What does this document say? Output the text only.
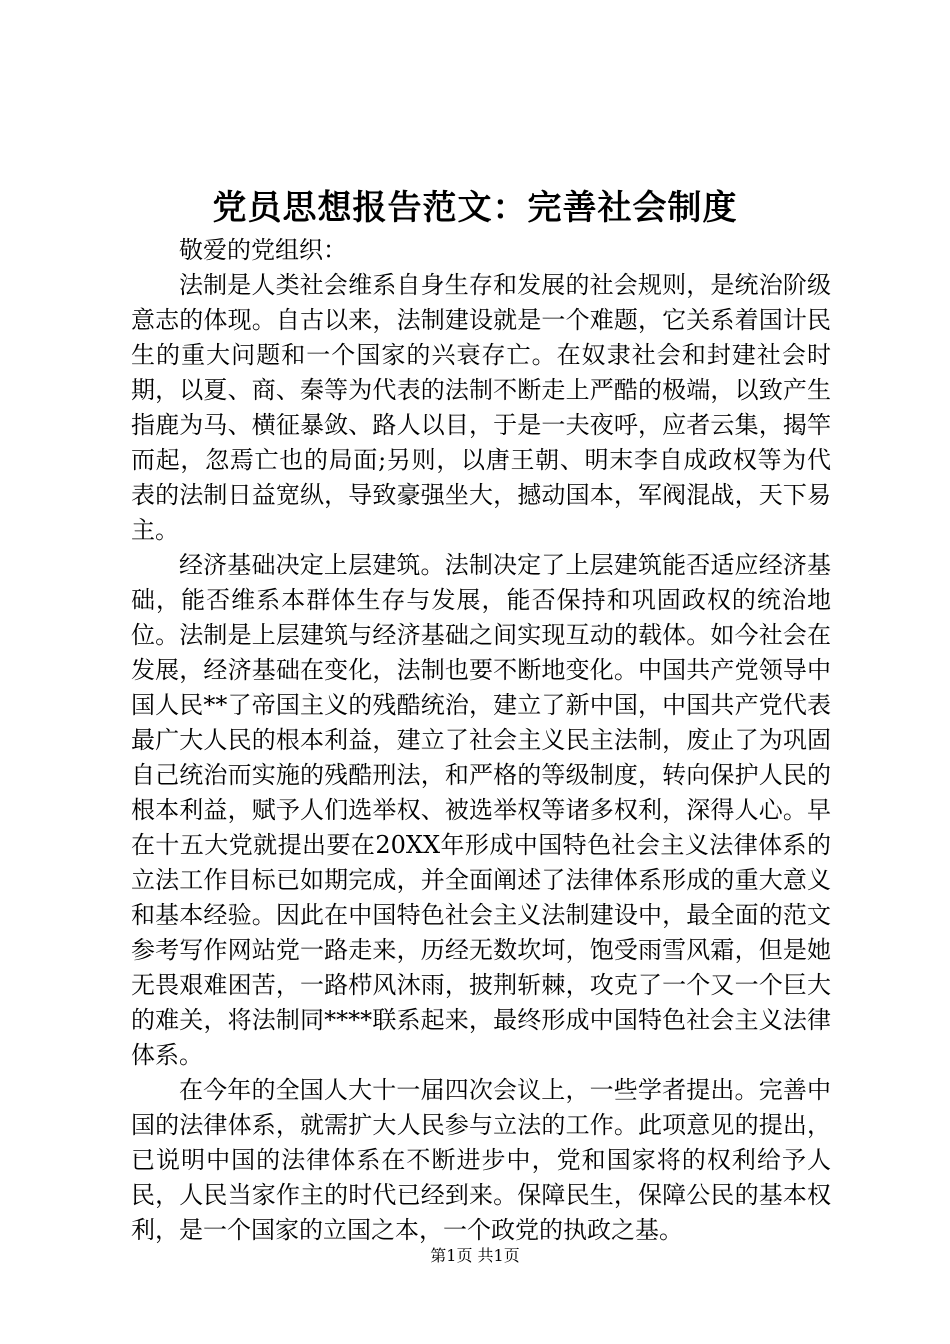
党员思想报告范文：完善社会制度
敬爱的党组织：

法制是人类社会维系自身生存和发展的社会规则，是统治阶级意志的体现。自古以来，法制建设就是一个难题，它关系着国计民生的重大问题和一个国家的兴衰存亡。在奴隶社会和封建社会时期，以夏、商、秦等为代表的法制不断走上严酷的极端，以致产生指鹿为马、横征暴敛、路人以目，于是一夫夜呼，应者云集，揭竿而起，忽焉亡也的局面;另则，以唐王朝、明末李自成政权等为代表的法制日益宽纵，导致豪强坐大，撼动国本，军阀混战，天下易主。

经济基础决定上层建筑。法制决定了上层建筑能否适应经济基础，能否维系本群体生存与发展，能否保持和巩固政权的统治地位。法制是上层建筑与经济基础之间实现互动的载体。如今社会在发展，经济基础在变化，法制也要不断地变化。中国共产党领导中国人民**了帝国主义的残酷统治，建立了新中国，中国共产党代表最广大人民的根本利益，建立了社会主义民主法制，废止了为巩固自己统治而实施的残酷刑法，和严格的等级制度，转向保护人民的根本利益，赋予人们选举权、被选举权等诸多权利，深得人心。早在十五大党就提出要在20XX年形成中国特色社会主义法律体系的立法工作目标已如期完成，并全面阐述了法律体系形成的重大意义和基本经验。因此在中国特色社会主义法制建设中，最全面的范文参考写作网站党一路走来，历经无数坎坷，饱受雨雪风霜，但是她无畏艰难困苦，一路栉风沐雨，披荆斩棘，攻克了一个又一个巨大的难关，将法制同****联系起来，最终形成中国特色社会主义法律体系。

在今年的全国人大十一届四次会议上，一些学者提出。完善中国的法律体系，就需扩大人民参与立法的工作。此项意见的提出，已说明中国的法律体系在不断进步中，党和国家将的权利给予人民，人民当家作主的时代已经到来。保障民生，保障公民的基本权利，是一个国家的立国之本，一个政党的执政之基。

第1页 共1页
